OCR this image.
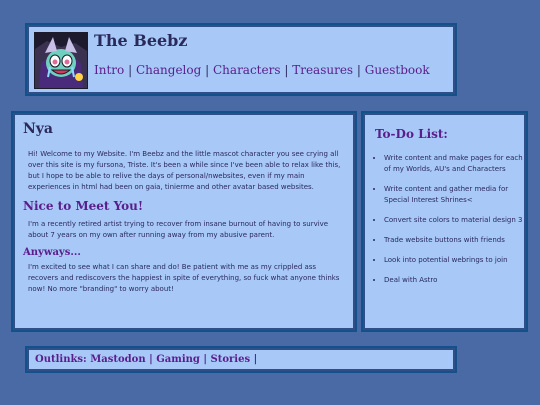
The Beebz
Intro | Changelog | Characters | Treasures | Guestbook
Nya

Hi! Welcome to my Website. I'm Beebz and the little mascot character you see crying all over this site is my fursona, Triste. It's been a while since I've been able to relax like this, but I hope to be able to relive the days of personal/nwebsites, even if my main experiences in html had been on gaia, tinierme and other avatar based websites.

Nice to Meet You!

I'm a recently retired artist trying to recover from insane burnout of having to survive about 7 years on my own after running away from my abusive parent.

Anyways...

I'm excited to see what I can share and do! Be patient with me as my crippled ass recovers and rediscovers the happiest in spite of everything, so fuck what anyone thinks now! No more "branding" to worry about!

To-Do List:
• Write content and make pages for each of my Worlds, AU's and Characters
• Write content and gather media for Special Interest Shrines<
• Convert site colors to material design 3
• Trade website buttons with friends
• Look into potential webrings to join
• Deal with Astro
Outlinks: Mastodon | Gaming | Stories |
